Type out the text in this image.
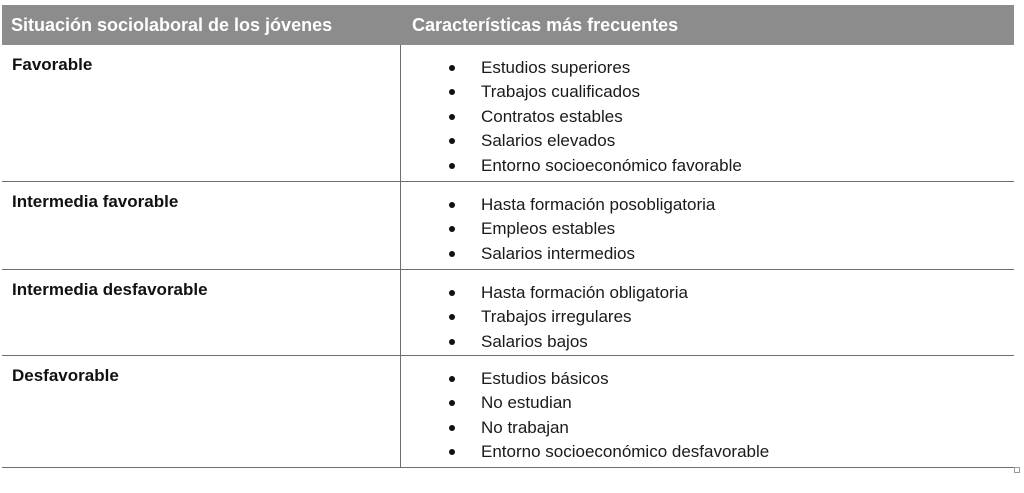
Situación sociolaboral de los jóvenes	Características más frecuentes
Favorable	Estudios superiores
Trabajos cualificados
Contratos estables
Salarios elevados
Entorno socioeconómico favorable
Intermedia favorable	Hasta formación posobligatoria
Empleos estables
Salarios intermedios
Intermedia desfavorable	Hasta formación obligatoria
Trabajos irregulares
Salarios bajos
Desfavorable	Estudios básicos
No estudian
No trabajan
Entorno socioeconómico desfavorable
